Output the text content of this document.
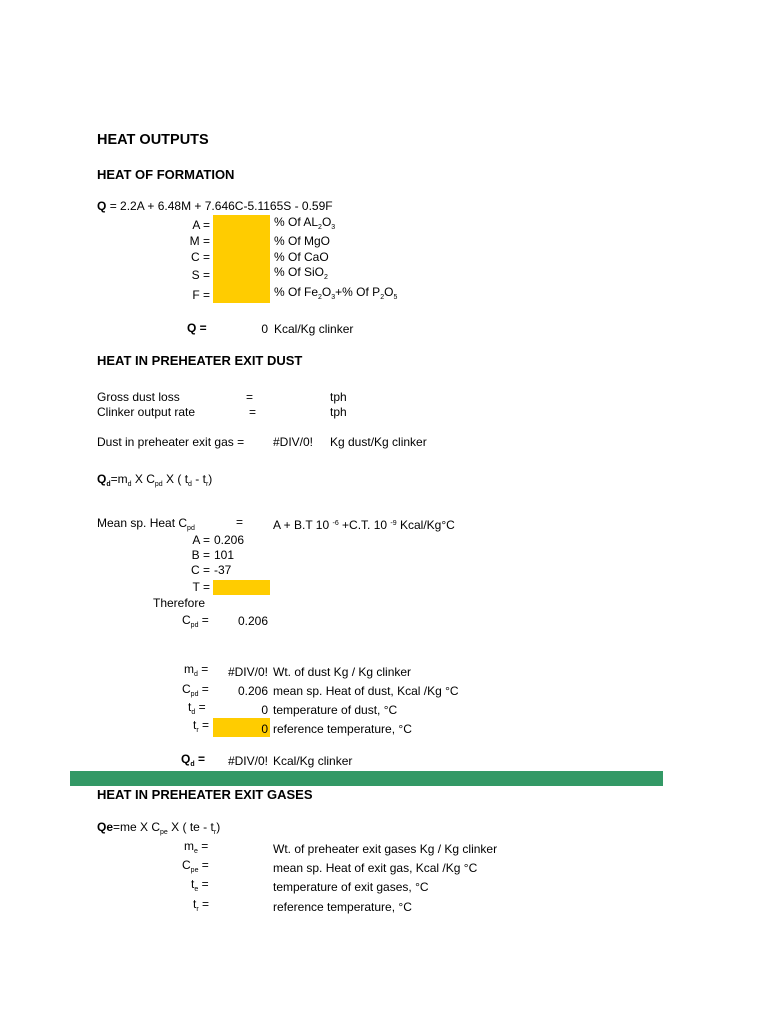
HEAT OUTPUTS
HEAT OF FORMATION
Q = 2.2A + 6.48M + 7.646C-5.1165S - 0.59F
A =	% Of $AL_2O_3$
M =	% Of MgO
C =	% Of CaO
S =	% Of SiO$_2$
F =	% Of $Fe_2O_3+\%$ Of $P_2O_5$
Q =	0 Kcal/Kg clinker
HEAT IN PREHEATER EXIT DUST
Gross dust loss	=	tph
Clinker output rate	=	tph
Dust in preheater exit gas = #DIV/0! Kg dust/Kg clinker
$Q_d=m_d$ X $C_{pd}$ X ( $t_d - t_r$)
Mean sp. Heat $C_{pd}$	= A + B.T 10 $^{-6}$ +C.T. 10 $^{-9}$ Kcal/Kg°C
A = 0.206
B = 101
C = -37
T =
Therefore
$C_{pd}$ =	0.206
$m_d$ =	#DIV/0! Wt. of dust Kg / Kg clinker
$C_{pd}$ =	0.206 mean sp. Heat of dust, Kcal /Kg °C
$t_d$ =	0 temperature of dust, °C
$t_r$ =	0 reference temperature, °C
$Q_d$ =	#DIV/0! Kcal/Kg clinker
HEAT IN PREHEATER EXIT GASES
Qe=me X $C_{pe}$ X ( te - $t_r$)
$m_e$ =	Wt. of preheater exit gases Kg / Kg clinker
$C_{pe}$ =	mean sp. Heat of exit gas, Kcal /Kg °C
$t_e$ =	temperature of exit gases, °C
$t_r$ =	reference temperature, °C
